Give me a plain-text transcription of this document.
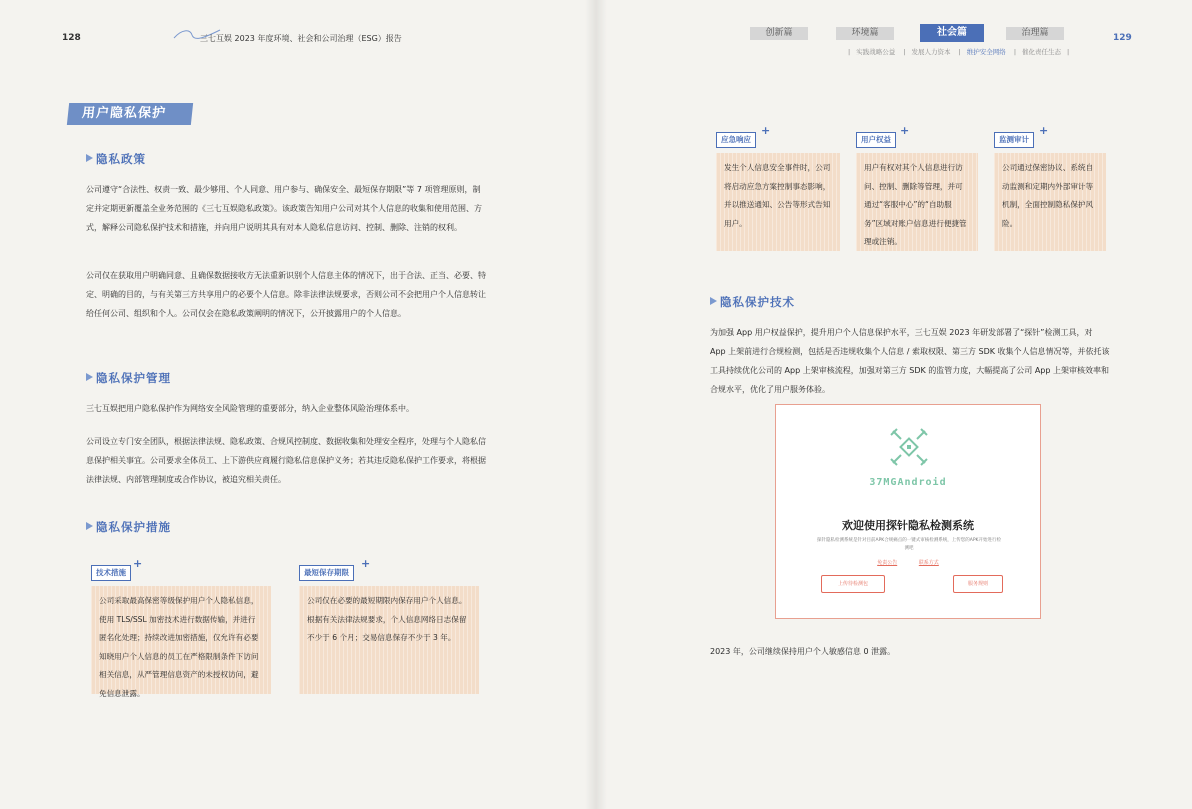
128	三七互娱 2023 年度环境、社会和公司治理（ESG）报告	129
创新篇	环境篇	社会篇	治理篇
| 实践战略公益 | 发展人力资本 | 维护安全网络 | 催化责任生态 |
用户隐私保护
隐私政策
公司遵守“合法性、权责一致、最少够用、个人同意、用户参与、确保安全、最短保存期限”等 7 项管理原则，制定并定期更新覆盖全业务范围的《三七互娱隐私政策》。该政策告知用户公司对其个人信息的收集和使用范围、方式，解释公司隐私保护技术和措施，并向用户说明其具有对本人隐私信息访问、控制、删除、注销的权利。
公司仅在获取用户明确同意、且确保数据接收方无法重新识别个人信息主体的情况下，出于合法、正当、必要、特定、明确的目的，与有关第三方共享用户的必要个人信息。除非法律法规要求，否则公司不会把用户个人信息转让给任何公司、组织和个人。公司仅会在隐私政策阐明的情况下，公开披露用户的个人信息。
隐私保护管理
三七互娱把用户隐私保护作为网络安全风险管理的重要部分，纳入企业整体风险治理体系中。
公司设立专门安全团队，根据法律法规、隐私政策、合规风控制度、数据收集和处理安全程序，处理与个人隐私信息保护相关事宜。公司要求全体员工、上下游供应商履行隐私信息保护义务；若其违反隐私保护工作要求，将根据法律法规、内部管理制度或合作协议，被追究相关责任。
隐私保护措施
技术措施
+
公司采取最高保密等级保护用户个人隐私信息，使用 TLS/SSL 加密技术进行数据传输，并进行匿名化处理；持续改进加密措施，仅允许有必要知晓用户个人信息的员工在严格限制条件下访问相关信息，从严管理信息资产的未授权访问，避免信息泄露。
最短保存期限
+
公司仅在必要的最短期限内保存用户个人信息。根据有关法律法规要求，个人信息网络日志保留不少于 6 个月；交易信息保存不少于 3 年。
应急响应
+
发生个人信息安全事件时，公司将启动应急方案控制事态影响，并以推送通知、公告等形式告知用户。
用户权益
+
用户有权对其个人信息进行访问、控制、删除等管理，并可通过“客服中心”的“自助服务”区域对账户信息进行便捷管理或注销。
监测审计
+
公司通过保密协议、系统自动监测和定期内外部审计等机制，全面控制隐私保护风险。
隐私保护技术
为加强 App 用户权益保护，提升用户个人信息保护水平，三七互娱 2023 年研发部署了“探针”检测工具，对 App 上架前进行合规检测，包括是否违规收集个人信息 / 索取权限、第三方 SDK 收集个人信息情况等，并依托该工具持续优化公司的 App 上架审核流程，加强对第三方 SDK 的监管力度，大幅提高了公司 App 上架审核效率和合规水平，优化了用户服务体验。
37MGAndroid
欢迎使用探针隐私检测系统
探针隐私检测系统是针对目前APK合规痛点的一键式审核检测系统，上传您的APK开始进行检测吧
免责公告	联系方式
上传待检测包	服务规则
2023 年，公司继续保持用户个人敏感信息 0 泄露。
